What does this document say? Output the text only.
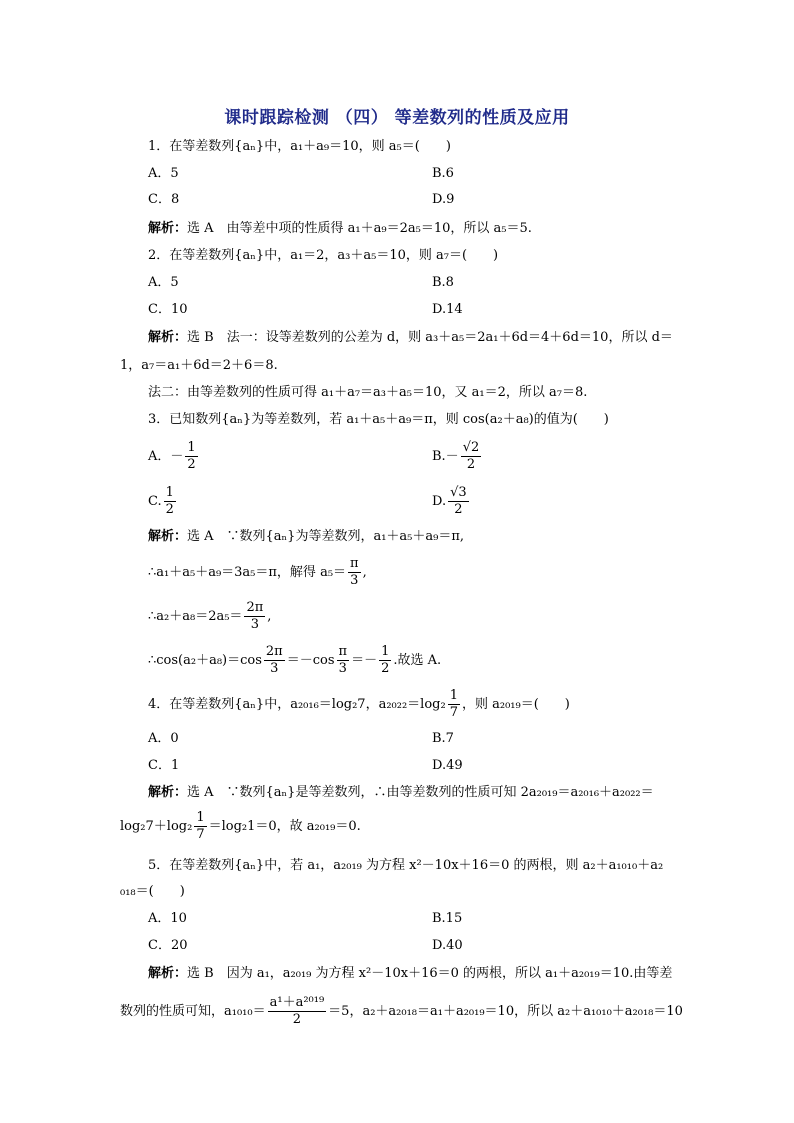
课时跟踪检测 （四） 等差数列的性质及应用
1．在等差数列{aₙ}中，a₁＋a₉＝10，则 a₅＝(　　)
A．5	B.6
C．8	D.9
解析：选 A　由等差中项的性质得 a₁＋a₉＝2a₅＝10，所以 a₅＝5.
2．在等差数列{aₙ}中，a₁＝2，a₃＋a₅＝10，则 a₇＝(　　)
A．5	B.8
C．10	D.14
解析：选 B　法一：设等差数列的公差为 d，则 a₃＋a₅＝2a₁＋6d＝4＋6d＝10，所以 d＝
1，a₇＝a₁＋6d＝2＋6＝8.
法二：由等差数列的性质可得 a₁＋a₇＝a₃＋a₅＝10，又 a₁＝2，所以 a₇＝8.
3．已知数列{aₙ}为等差数列，若 a₁＋a₅＋a₉＝π，则 cos(a₂＋a₈)的值为(　　)
A．－ $\frac{1}{2}$	$B.- \frac{√2}{2}$
C. $\frac{1}{2}$	D. $\frac{√3}{2}$
解析：选 A　∵数列{aₙ}为等差数列，a₁＋a₅＋a₉＝π,
∴a₁＋a₅＋a₉＝3a₅＝π，解得 $a_5= \frac{\pi}{3}$ ,
∴a₂＋a₈＝2a₅＝ $\frac{2\pi}{3}$ ,
∴cos(a₂＋a₈)＝cos $\frac{2\pi}{3} =-\cos \frac{\pi}{3} =- \frac{1}{2}$ .故选 A.
4．在等差数列{aₙ}中，a₂₀₁₆＝log₂7，$a_{2022}=\log_2 \frac{1}{7}$ ，则 a₂₀₁₉＝(　　)
A．0	B.7
C．1	D.49
解析：选 A　∵数列{aₙ}是等差数列，∴由等差数列的性质可知 2a₂₀₁₉＝a₂₀₁₆＋a₂₀₂₂＝
$\log_27+\log_2 \frac{1}{7} =\log_21=0$，故 a₂₀₁₉＝0.
5．在等差数列{aₙ}中，若 a₁，a₂₀₁₉ 为方程 x²－10x＋16＝0 的两根，则 a₂＋a₁₀₁₀＋a₂
₀₁₈＝(　　)
A．10	B.15
C．20	D.40
解析：选 B　因为 a₁，a₂₀₁₉ 为方程 x²－10x＋16＝0 的两根，所以 a₁＋a₂₀₁₉＝10.由等差
数列的性质可知，$a_{1010}= \frac{\text{a¹＋a²⁰¹⁹}}{2} =5$，a₂＋a₂₀₁₈＝a₁＋a₂₀₁₉＝10，所以 a₂＋a₁₀₁₀＋a₂₀₁₈＝10
